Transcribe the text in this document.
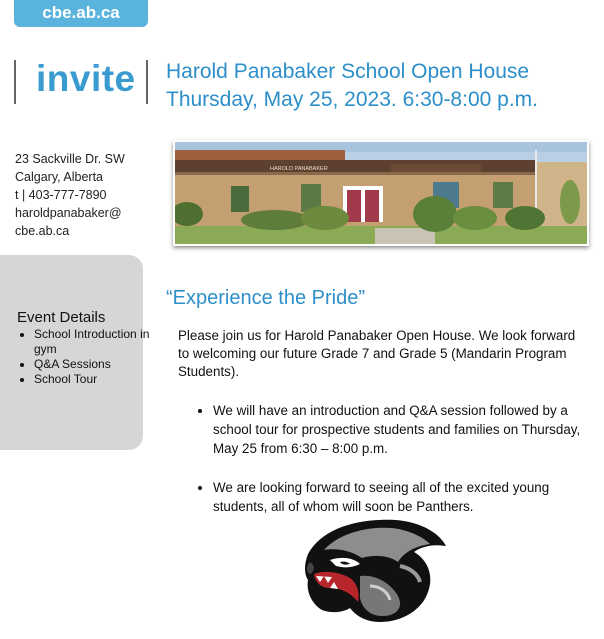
cbe.ab.ca
invite Harold Panabaker School Open House
Thursday, May 25, 2023. 6:30-8:00 p.m.
23 Sackville Dr. SW
Calgary, Alberta
t | 403-777-7890
haroldpanabaker@
cbe.ab.ca
HAROLD PANABAKER
Event Details
• School Introduction in gym
• Q&A Sessions
• School Tour
“Experience the Pride”
Please join us for Harold Panabaker Open House. We look forward to welcoming our future Grade 7 and Grade 5 (Mandarin Program Students).
• We will have an introduction and Q&A session followed by a school tour for prospective students and families on Thursday, May 25 from 6:30 – 8:00 p.m.
• We are looking forward to seeing all of the excited young students, all of whom will soon be Panthers.
